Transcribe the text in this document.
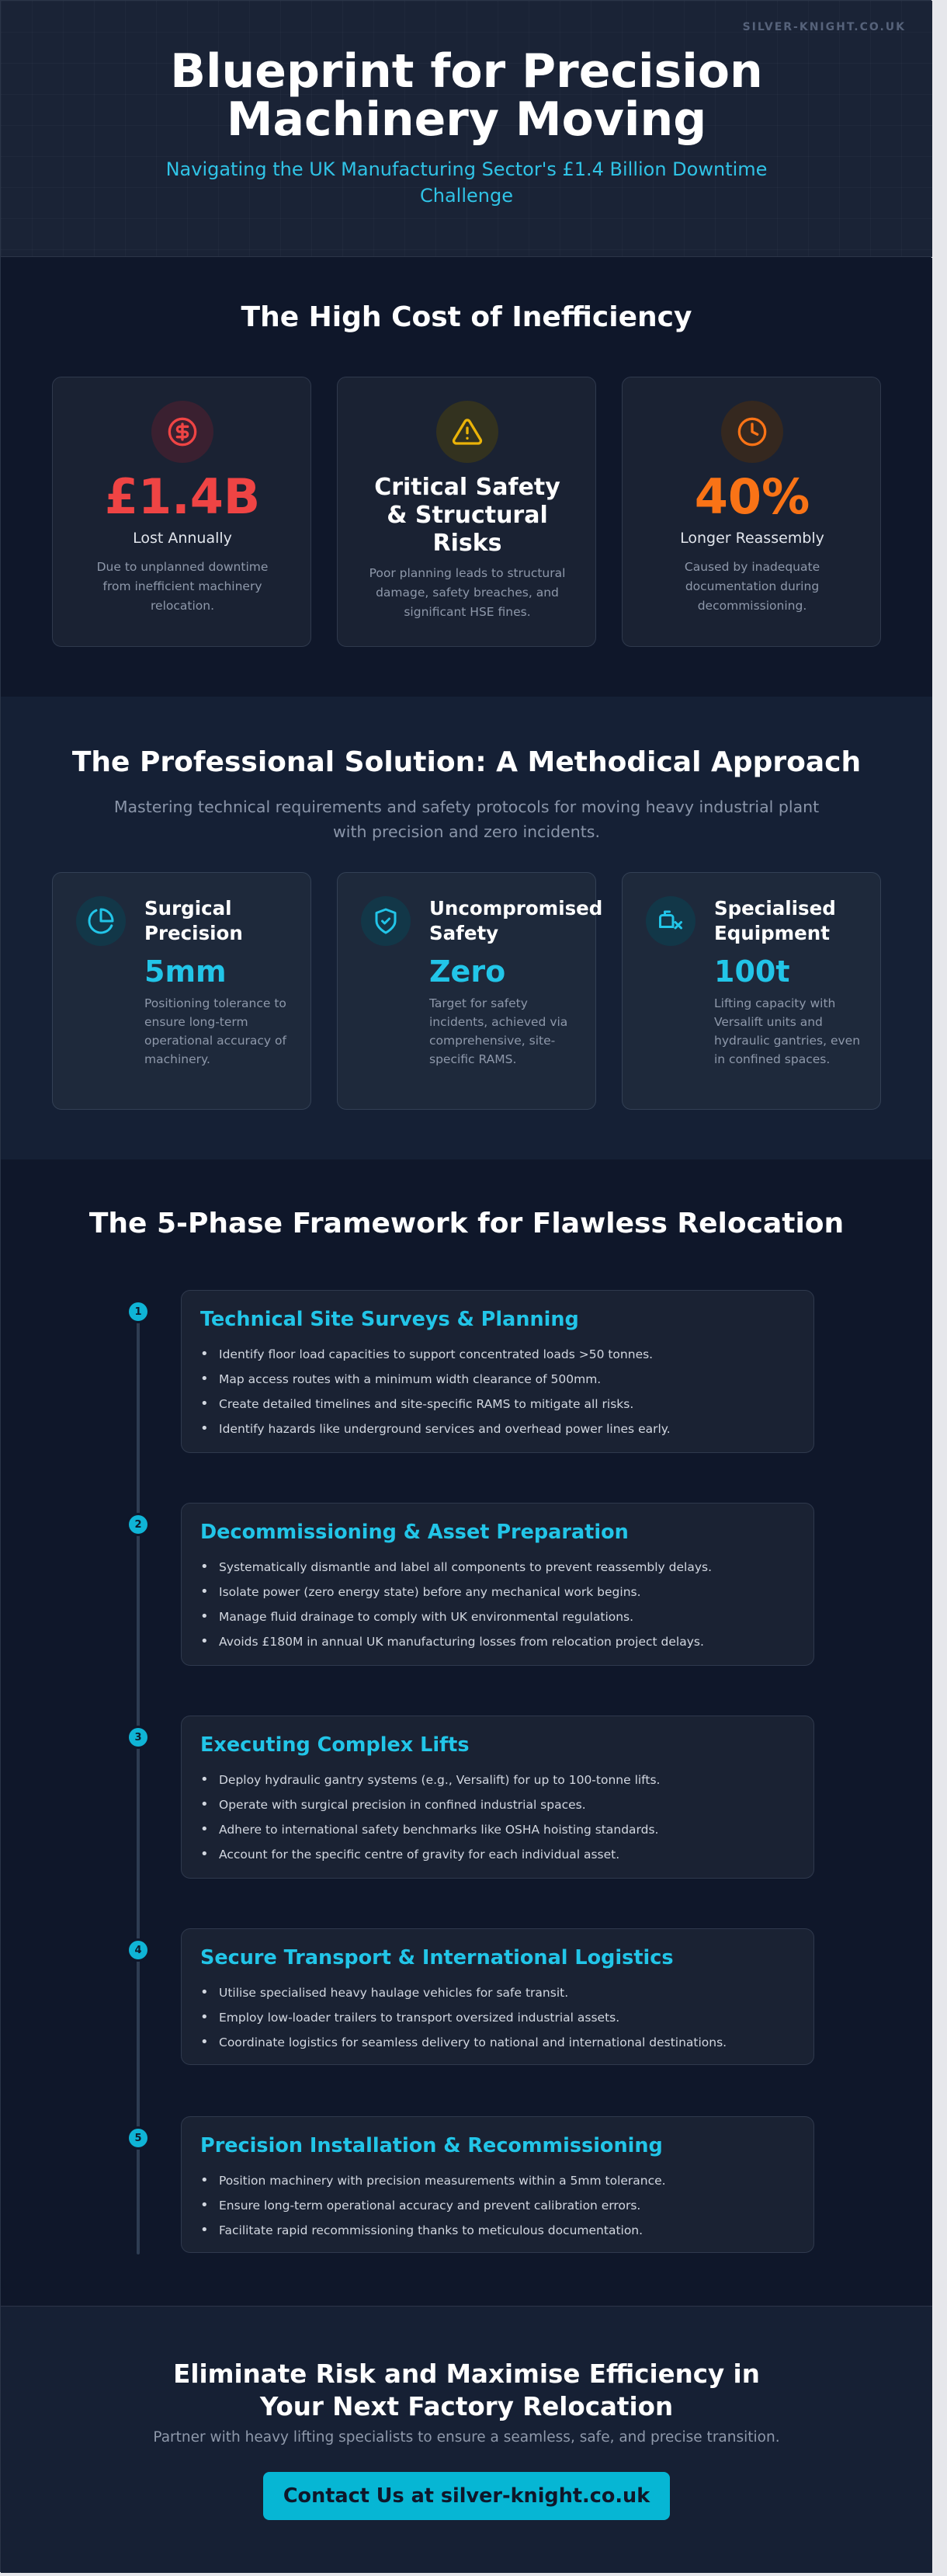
SILVER-KNIGHT.CO.UK
Blueprint for Precision
Machinery Moving

Navigating the UK Manufacturing Sector's £1.4 Billion Downtime Challenge

The High Cost of Inefficiency
£1.4B
Lost Annually
Due to unplanned downtime from inefficient machinery relocation.
Critical Safety & Structural Risks
Poor planning leads to structural damage, safety breaches, and significant HSE fines.
40%
Longer Reassembly
Caused by inadequate documentation during decommissioning.
The Professional Solution: A Methodical Approach

Mastering technical requirements and safety protocols for moving heavy industrial plant with precision and zero incidents.

Surgical Precision
5mm
Positioning tolerance to ensure long-term operational accuracy of machinery.
Uncompromised Safety
Zero
Target for safety incidents, achieved via comprehensive, site-specific RAMS.
Specialised Equipment
100t
Lifting capacity with Versalift units and hydraulic gantries, even in confined spaces.
The 5-Phase Framework for Flawless Relocation
1	Technical Site Surveys & Planning
• Identify floor load capacities to support concentrated loads >50 tonnes.
• Map access routes with a minimum width clearance of 500mm.
• Create detailed timelines and site-specific RAMS to mitigate all risks.
• Identify hazards like underground services and overhead power lines early.
2	Decommissioning & Asset Preparation
• Systematically dismantle and label all components to prevent reassembly delays.
• Isolate power (zero energy state) before any mechanical work begins.
• Manage fluid drainage to comply with UK environmental regulations.
• Avoids £180M in annual UK manufacturing losses from relocation project delays.
3	Executing Complex Lifts
• Deploy hydraulic gantry systems (e.g., Versalift) for up to 100-tonne lifts.
• Operate with surgical precision in confined industrial spaces.
• Adhere to international safety benchmarks like OSHA hoisting standards.
• Account for the specific centre of gravity for each individual asset.
4	Secure Transport & International Logistics
• Utilise specialised heavy haulage vehicles for safe transit.
• Employ low-loader trailers to transport oversized industrial assets.
• Coordinate logistics for seamless delivery to national and international destinations.
5	Precision Installation & Recommissioning
• Position machinery with precision measurements within a 5mm tolerance.
• Ensure long-term operational accuracy and prevent calibration errors.
• Facilitate rapid recommissioning thanks to meticulous documentation.
Eliminate Risk and Maximise Efficiency in
Your Next Factory Relocation

Partner with heavy lifting specialists to ensure a seamless, safe, and precise transition.

Contact Us at silver-knight.co.uk
